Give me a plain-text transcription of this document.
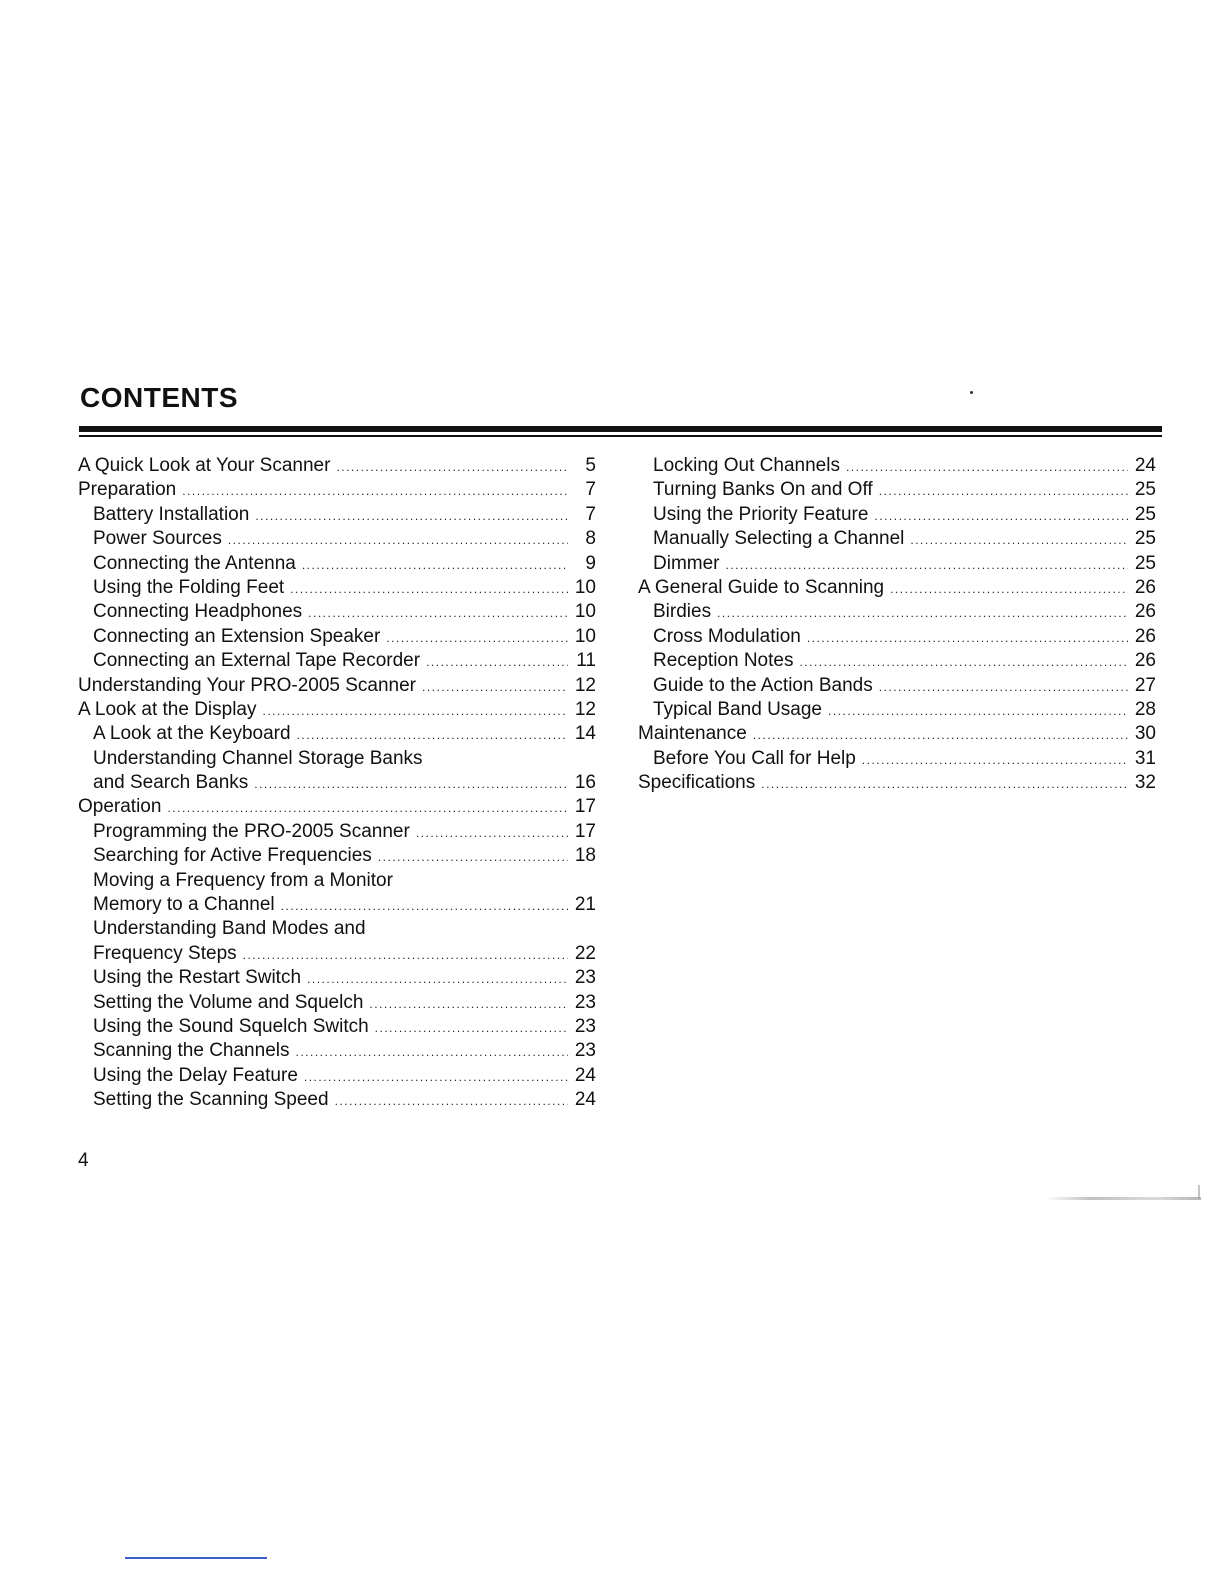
CONTENTS
A Quick Look at Your Scanner .....	5
Preparation .....	7
Battery Installation .....	7
Power Sources .....	8
Connecting the Antenna .....	9
Using the Folding Feet .....	10
Connecting Headphones .....	10
Connecting an Extension Speaker .....	10
Connecting an External Tape Recorder .....	11
Understanding Your PRO-2005 Scanner .....	12
A Look at the Display .....	12
A Look at the Keyboard .....	14
Understanding Channel Storage Banks
and Search Banks .....	16
Operation .....	17
Programming the PRO-2005 Scanner .....	17
Searching for Active Frequencies .....	18
Moving a Frequency from a Monitor
Memory to a Channel .....	21
Understanding Band Modes and
Frequency Steps .....	22
Using the Restart Switch .....	23
Setting the Volume and Squelch .....	23
Using the Sound Squelch Switch .....	23
Scanning the Channels .....	23
Using the Delay Feature .....	24
Setting the Scanning Speed .....	24
Locking Out Channels .....	24
Turning Banks On and Off .....	25
Using the Priority Feature .....	25
Manually Selecting a Channel .....	25
Dimmer .....	25
A General Guide to Scanning .....	26
Birdies .....	26
Cross Modulation .....	26
Reception Notes .....	26
Guide to the Action Bands .....	27
Typical Band Usage .....	28
Maintenance .....	30
Before You Call for Help .....	31
Specifications .....	32

4
